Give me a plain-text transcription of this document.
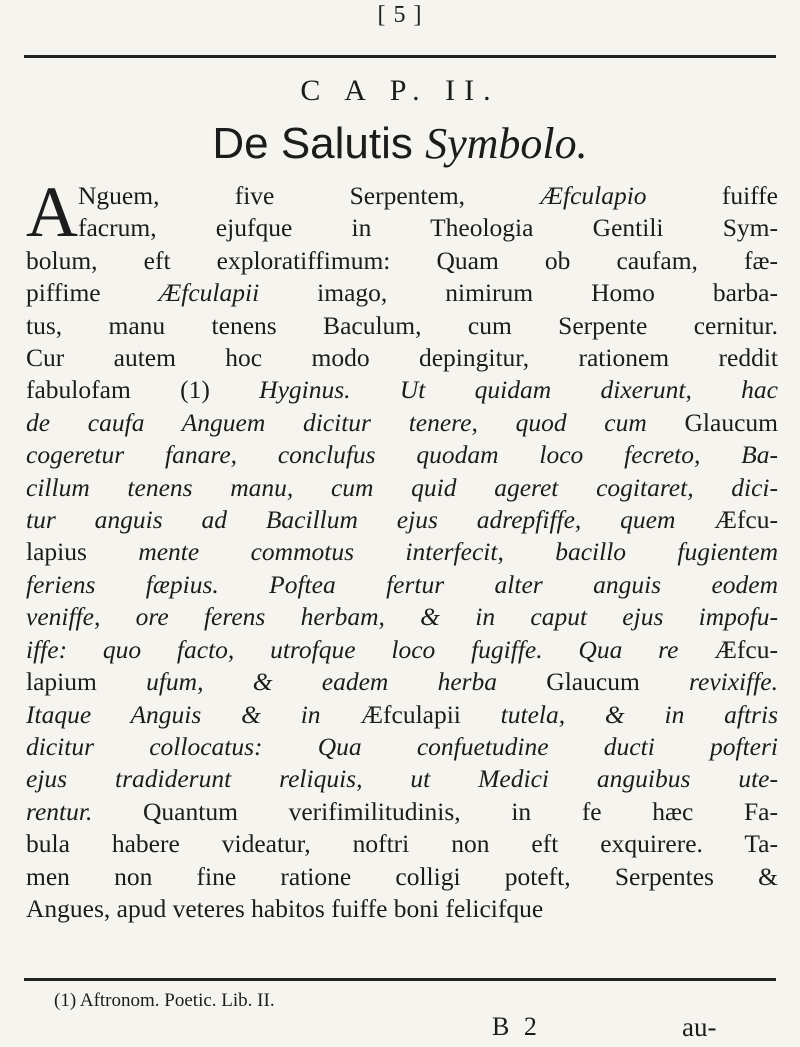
[ 5 ]
C A P. II.
De Salutis Symbolo.
A Nguem, five Serpentem, Æfculapio fuiffe
facrum, ejufque in Theologia Gentili Sym-
bolum, eft exploratiffimum: Quam ob caufam, fæ-
piffime Æfculapii imago, nimirum Homo barba-
tus, manu tenens Baculum, cum Serpente cernitur.
Cur autem hoc modo depingitur, rationem reddit
fabulofam (1) Hyginus. Ut quidam dixerunt, hac
de caufa Anguem dicitur tenere, quod cum Glaucum
cogeretur fanare, conclufus quodam loco fecreto, Ba-
cillum tenens manu, cum quid ageret cogitaret, dici-
tur anguis ad Bacillum ejus adrepfiffe, quem Æfcu-
lapius mente commotus interfecit, bacillo fugientem
feriens fæpius. Poftea fertur alter anguis eodem
veniffe, ore ferens herbam, & in caput ejus impofu-
iffe: quo facto, utrofque loco fugiffe. Qua re Æfcu-
lapium ufum, & eadem herba Glaucum revixiffe.
Itaque Anguis & in Æfculapii tutela, & in aftris
dicitur collocatus: Qua confuetudine ducti pofteri
ejus tradiderunt reliquis, ut Medici anguibus ute-
rentur. Quantum verifimilitudinis, in fe hæc Fa-
bula habere videatur, noftri non eft exquirere. Ta-
men non fine ratione colligi poteft, Serpentes &
Angues, apud veteres habitos fuiffe boni felicifque
(1) Aftronom. Poetic. Lib. II.
B 2	au-
